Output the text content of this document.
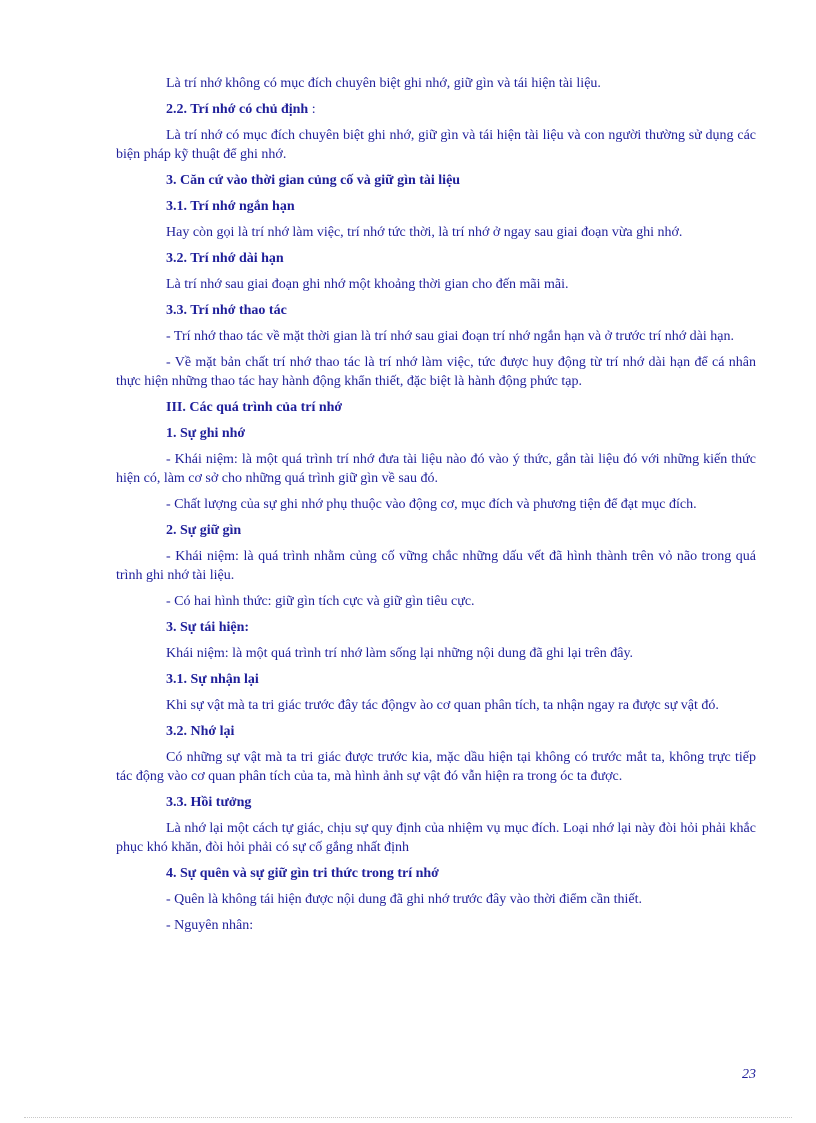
Là trí nhớ không có mục đích chuyên biệt ghi nhớ, giữ gìn và tái hiện tài liệu.
2.2. Trí nhớ có chủ định :
Là trí nhớ có mục đích chuyên biệt ghi nhớ, giữ gìn và tái hiện tài liệu và con người thường sử dụng các biện pháp kỹ thuật để ghi nhớ.
3. Căn cứ vào thời gian củng cố và giữ gìn tài liệu
3.1. Trí nhớ ngắn hạn
Hay còn gọi là trí nhớ làm việc, trí nhớ tức thời, là trí nhớ ở ngay sau giai đoạn vừa ghi nhớ.
3.2. Trí nhớ dài hạn
Là trí nhớ sau giai đoạn ghi nhớ một khoảng thời gian cho đến mãi mãi.
3.3. Trí nhớ thao tác
- Trí nhớ thao tác về mặt thời gian là trí nhớ sau giai đoạn trí nhớ ngắn hạn và ở trước trí nhớ dài hạn.
- Về mặt bản chất trí nhớ thao tác là trí nhớ làm việc, tức được huy động từ trí nhớ dài hạn để cá nhân thực hiện những thao tác hay hành động khẩn thiết, đặc biệt là hành động phức tạp.
III. Các quá trình của trí nhớ
1. Sự ghi nhớ
- Khái niệm: là một quá trình trí nhớ đưa tài liệu nào đó vào ý thức, gắn tài liệu đó với những kiến thức hiện có, làm cơ sở cho những quá trình giữ gìn về sau đó.
- Chất lượng của sự ghi nhớ phụ thuộc vào động cơ, mục đích và phương tiện để đạt mục đích.
2. Sự giữ gìn
- Khái niệm: là quá trình nhằm củng cố vững chắc những dấu vết đã hình thành trên vỏ não trong quá trình ghi nhớ tài liệu.
- Có hai hình thức: giữ gìn tích cực và giữ gìn tiêu cực.
3. Sự tái hiện:
Khái niệm: là một quá trình trí nhớ làm sống lại những nội dung đã ghi lại trên đây.
3.1. Sự nhận lại
Khi sự vật mà ta tri giác trước đây tác độngv ào cơ quan phân tích, ta nhận ngay ra được sự vật đó.
3.2. Nhớ lại
Có những sự vật mà ta tri giác được trước kia, mặc dầu hiện tại không có trước mắt ta, không trực tiếp tác động vào cơ quan phân tích của ta, mà hình ảnh sự vật đó vẫn hiện ra trong óc ta được.
3.3. Hồi tưởng
Là nhớ lại một cách tự giác, chịu sự quy định của nhiệm vụ mục đích. Loại nhớ lại này đòi hỏi phải khắc phục khó khăn, đòi hỏi phải có sự cố gắng nhất định
4. Sự quên và sự giữ gìn tri thức trong trí nhớ
- Quên là không tái hiện được nội dung đã ghi nhớ trước đây vào thời điểm cần thiết.
- Nguyên nhân:
23
